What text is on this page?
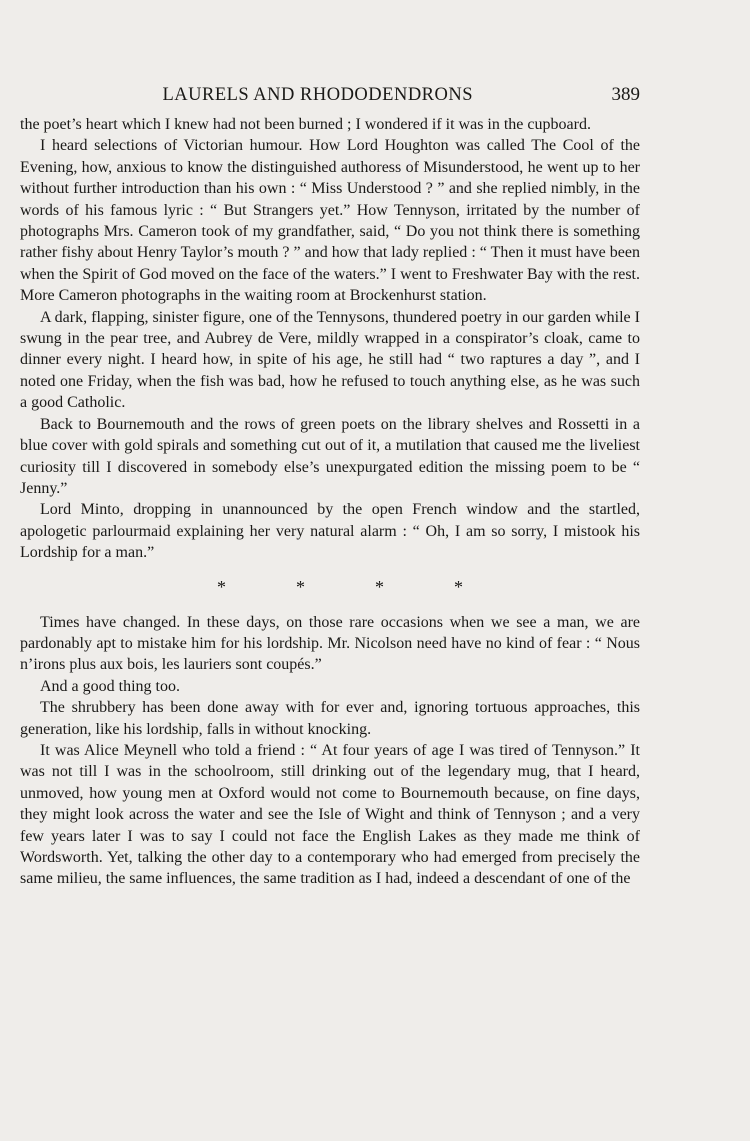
LAURELS AND RHODODENDRONS	389

the poet’s heart which I knew had not been burned ; I wondered if it was in the cupboard.

I heard selections of Victorian humour. How Lord Houghton was called The Cool of the Evening, how, anxious to know the distinguished authoress of Misunderstood, he went up to her without further introduction than his own : “ Miss Understood ? ” and she replied nimbly, in the words of his famous lyric : “ But Strangers yet.” How Tennyson, irritated by the number of photographs Mrs. Cameron took of my grandfather, said, “ Do you not think there is something rather fishy about Henry Taylor’s mouth ? ” and how that lady replied : “ Then it must have been when the Spirit of God moved on the face of the waters.” I went to Freshwater Bay with the rest. More Cameron photographs in the waiting room at Brockenhurst station.

A dark, flapping, sinister figure, one of the Tennysons, thundered poetry in our garden while I swung in the pear tree, and Aubrey de Vere, mildly wrapped in a conspirator’s cloak, came to dinner every night. I heard how, in spite of his age, he still had “ two raptures a day ”, and I noted one Friday, when the fish was bad, how he refused to touch anything else, as he was such a good Catholic.

Back to Bournemouth and the rows of green poets on the library shelves and Rossetti in a blue cover with gold spirals and something cut out of it, a mutilation that caused me the liveliest curiosity till I discovered in somebody else’s unexpurgated edition the missing poem to be “ Jenny.”

Lord Minto, dropping in unannounced by the open French window and the startled, apologetic parlourmaid explaining her very natural alarm : “ Oh, I am so sorry, I mistook his Lordship for a man.”

*	*	*	*

Times have changed. In these days, on those rare occasions when we see a man, we are pardonably apt to mistake him for his lordship. Mr. Nicolson need have no kind of fear : “ Nous n’irons plus aux bois, les lauriers sont coupés.”

And a good thing too.

The shrubbery has been done away with for ever and, ignoring tortuous approaches, this generation, like his lordship, falls in without knocking.

It was Alice Meynell who told a friend : “ At four years of age I was tired of Tennyson.” It was not till I was in the schoolroom, still drinking out of the legendary mug, that I heard, unmoved, how young men at Oxford would not come to Bournemouth because, on fine days, they might look across the water and see the Isle of Wight and think of Tennyson ; and a very few years later I was to say I could not face the English Lakes as they made me think of Wordsworth. Yet, talking the other day to a contemporary who had emerged from precisely the same milieu, the same influences, the same tradition as I had, indeed a descendant of one of the
